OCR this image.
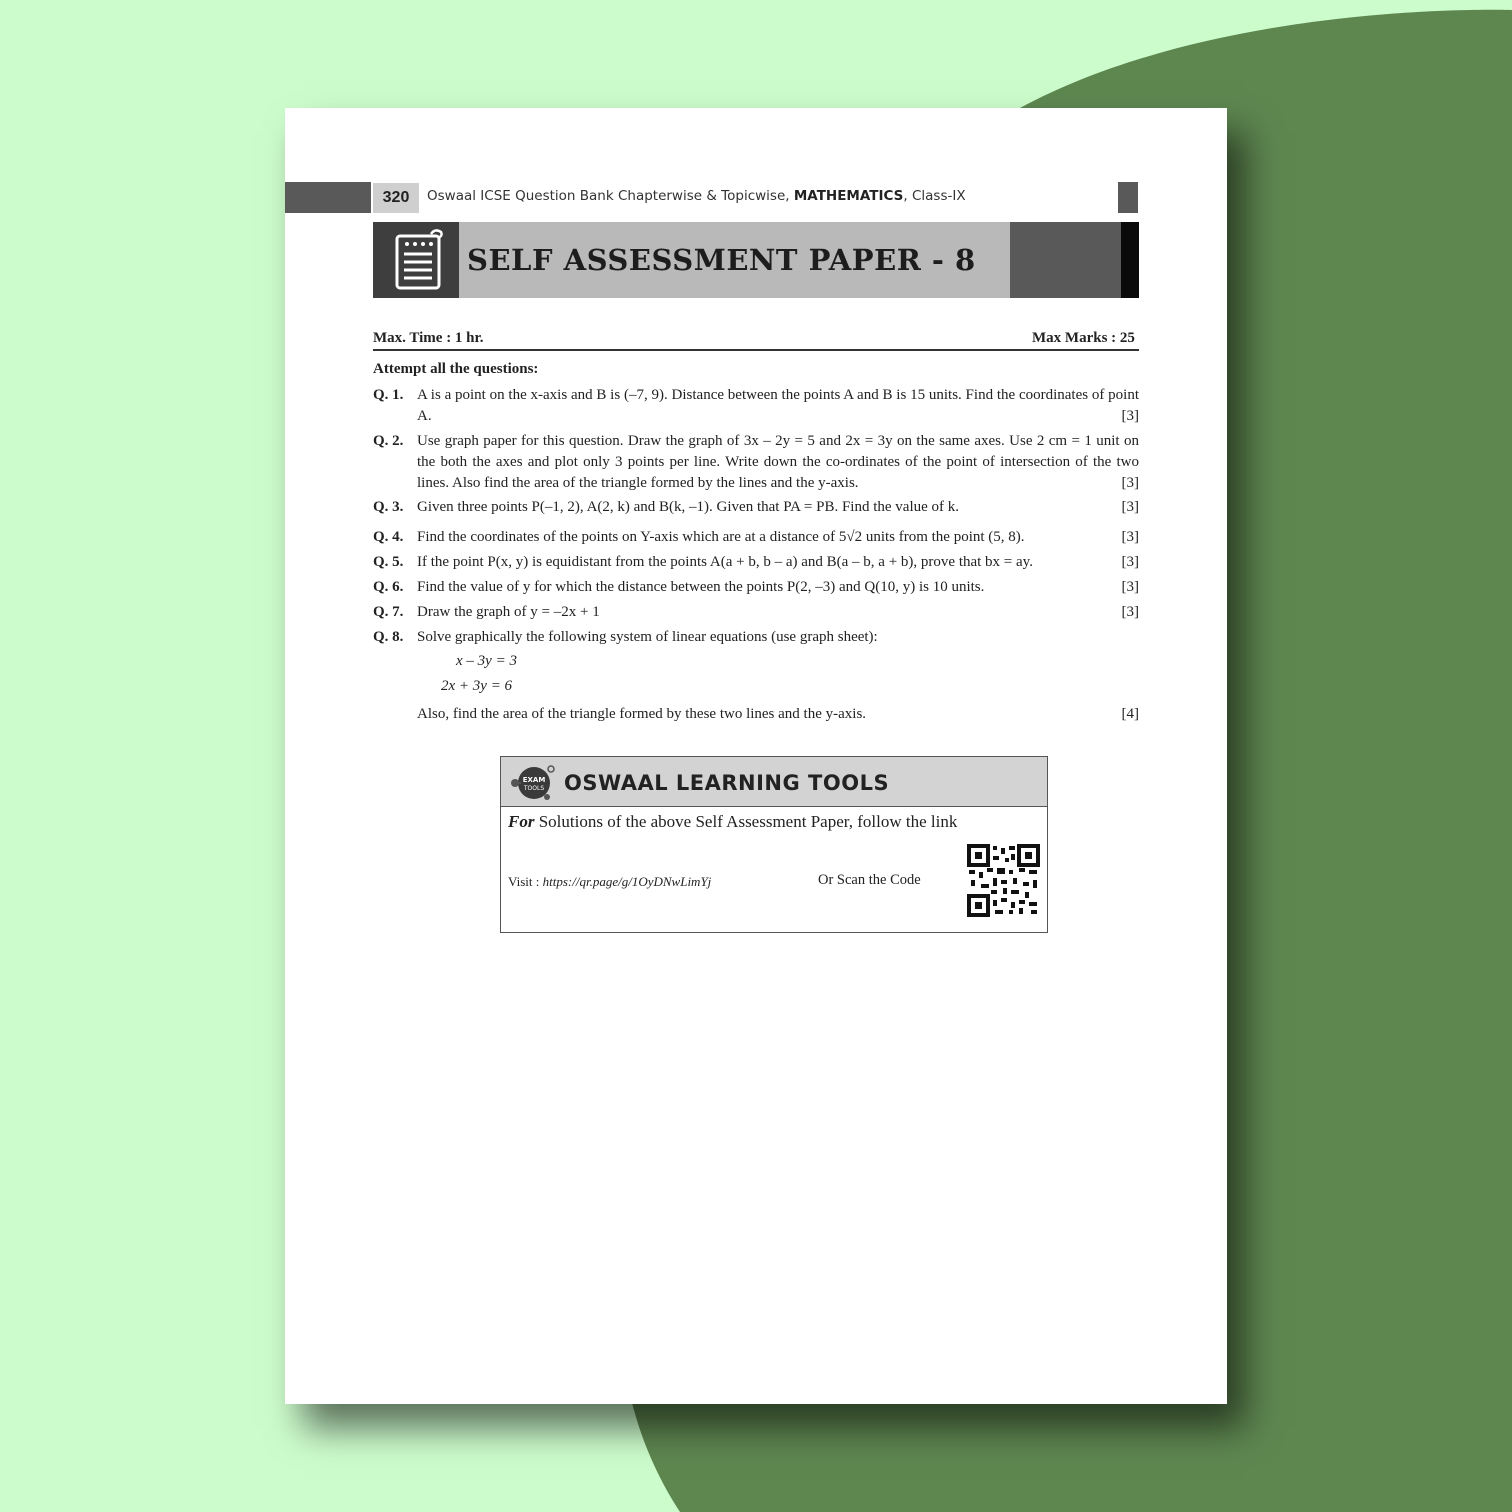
320	Oswaal ICSE Question Bank Chapterwise & Topicwise, MATHEMATICS, Class-IX
SELF ASSESSMENT PAPER - 8
Max. Time : 1 hr.	Max Marks : 25
Attempt all the questions:
Q. 1. A is a point on the x-axis and B is (–7, 9). Distance between the points A and B is 15 units. Find the coordinates of point A.	[3]
Q. 2. Use graph paper for this question. Draw the graph of 3x – 2y = 5 and 2x = 3y on the same axes. Use 2 cm = 1 unit on the both the axes and plot only 3 points per line. Write down the co-ordinates of the point of intersection of the two lines. Also find the area of the triangle formed by the lines and the y-axis.	[3]
Q. 3. Given three points P(–1, 2), A(2, k) and B(k, –1). Given that PA = PB. Find the value of k.	[3]
Q. 4. Find the coordinates of the points on Y-axis which are at a distance of 5√2 units from the point (5, 8).	[3]
Q. 5. If the point P(x, y) is equidistant from the points A(a + b, b – a) and B(a – b, a + b), prove that bx = ay.	[3]
Q. 6. Find the value of y for which the distance between the points P(2, –3) and Q(10, y) is 10 units.	[3]
Q. 7. Draw the graph of y = –2x + 1	[3]
Q. 8. Solve graphically the following system of linear equations (use graph sheet):
x – 3y = 3
2x + 3y = 6
Also, find the area of the triangle formed by these two lines and the y-axis.	[4]
EXAM
TOOLS OSWAAL LEARNING TOOLS
For Solutions of the above Self Assessment Paper, follow the link
Visit : https://qr.page/g/1OyDNwLimYj	Or Scan the Code
